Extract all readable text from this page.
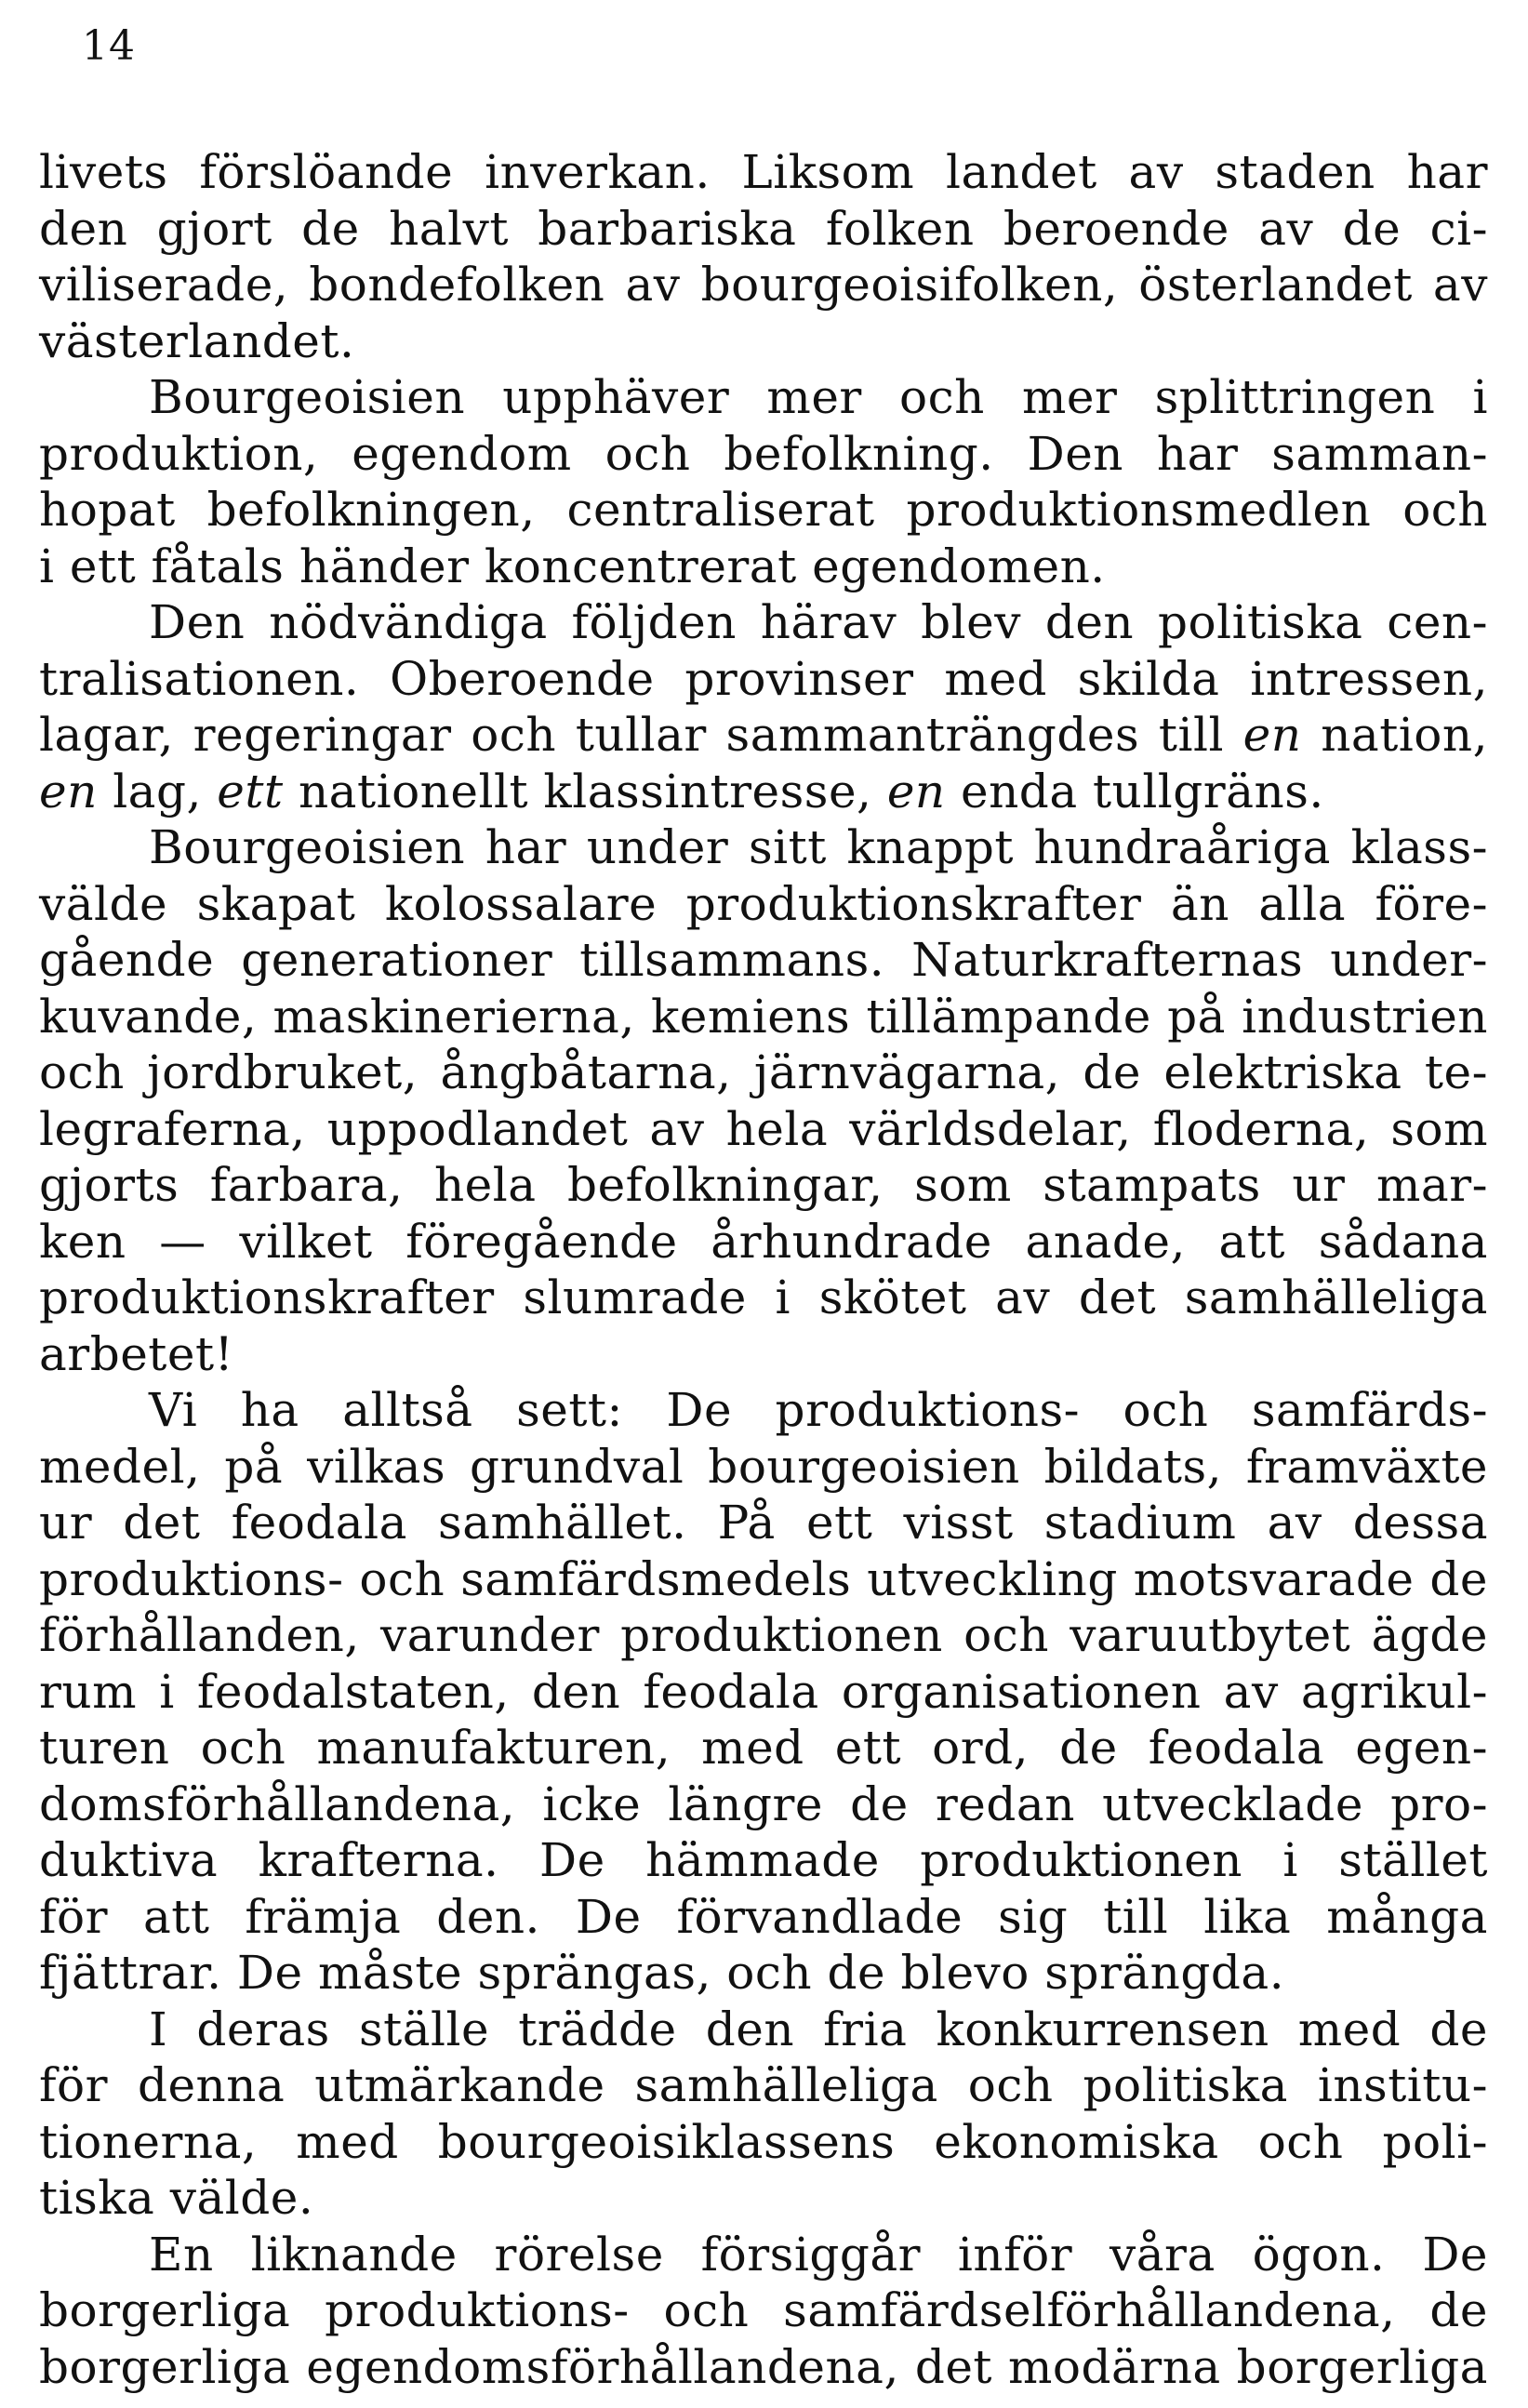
14
livets förslöande inverkan. Liksom landet av staden har
den gjort de halvt barbariska folken beroende av de ci-
viliserade, bondefolken av bourgeoisifolken, österlandet av
västerlandet.
Bourgeoisien upphäver mer och mer splittringen i
produktion, egendom och befolkning. Den har samman-
hopat befolkningen, centraliserat produktionsmedlen och
i ett fåtals händer koncentrerat egendomen.
Den nödvändiga följden härav blev den politiska cen-
tralisationen. Oberoende provinser med skilda intressen,
lagar, regeringar och tullar sammanträngdes till en nation,
en lag, ett nationellt klassintresse, en enda tullgräns.
Bourgeoisien har under sitt knappt hundraåriga klass-
välde skapat kolossalare produktionskrafter än alla före-
gående generationer tillsammans. Naturkrafternas under-
kuvande, maskinerierna, kemiens tillämpande på industrien
och jordbruket, ångbåtarna, järnvägarna, de elektriska te-
legraferna, uppodlandet av hela världsdelar, floderna, som
gjorts farbara, hela befolkningar, som stampats ur mar-
ken — vilket föregående århundrade anade, att sådana
produktionskrafter slumrade i skötet av det samhälleliga
arbetet!
Vi ha alltså sett: De produktions- och samfärds-
medel, på vilkas grundval bourgeoisien bildats, framväxte
ur det feodala samhället. På ett visst stadium av dessa
produktions- och samfärdsmedels utveckling motsvarade de
förhållanden, varunder produktionen och varuutbytet ägde
rum i feodalstaten, den feodala organisationen av agrikul-
turen och manufakturen, med ett ord, de feodala egen-
domsförhållandena, icke längre de redan utvecklade pro-
duktiva krafterna. De hämmade produktionen i stället
för att främja den. De förvandlade sig till lika många
fjättrar. De måste sprängas, och de blevo sprängda.
I deras ställe trädde den fria konkurrensen med de
för denna utmärkande samhälleliga och politiska institu-
tionerna, med bourgeoisiklassens ekonomiska och poli-
tiska välde.
En liknande rörelse försiggår inför våra ögon. De
borgerliga produktions- och samfärdselförhållandena, de
borgerliga egendomsförhållandena, det modärna borgerliga
